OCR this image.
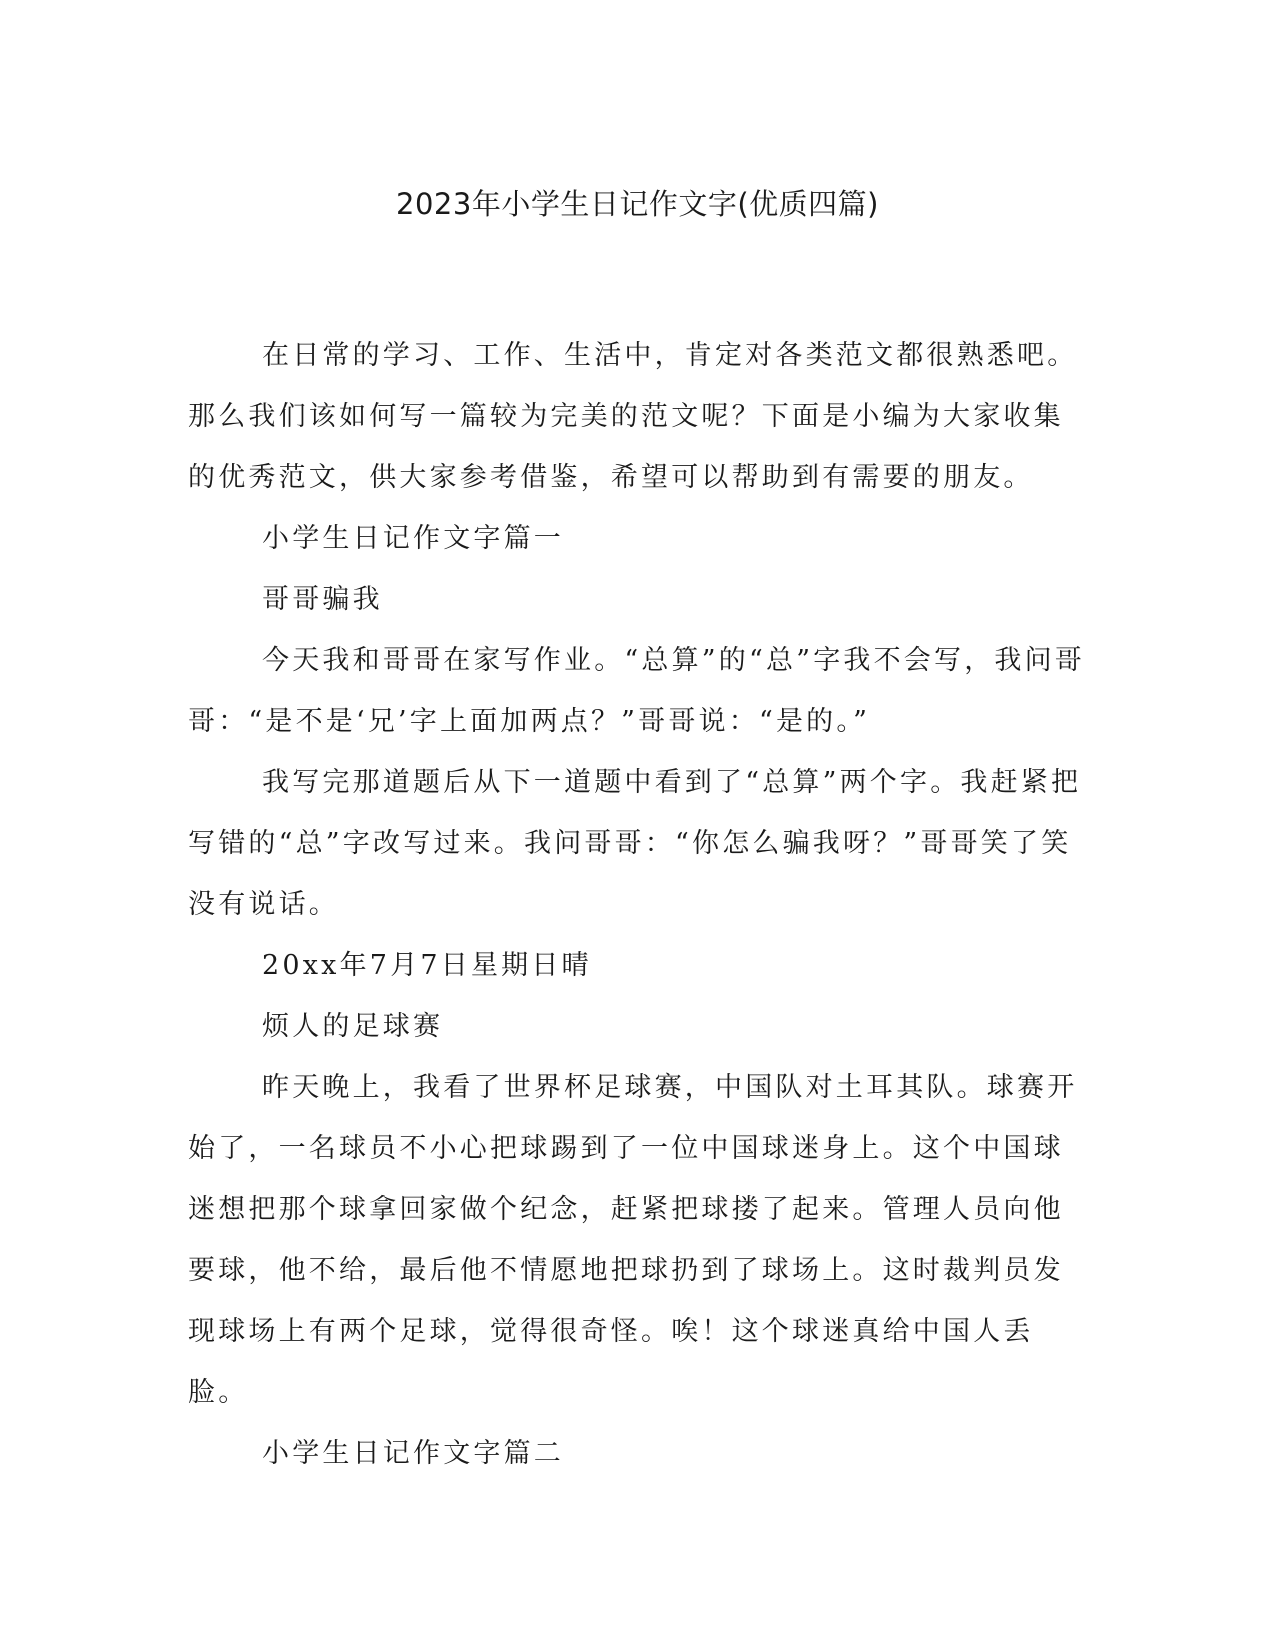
2023年小学生日记作文字(优质四篇)

在日常的学习、工作、生活中，肯定对各类范文都很熟悉吧。那么我们该如何写一篇较为完美的范文呢？下面是小编为大家收集的优秀范文，供大家参考借鉴，希望可以帮助到有需要的朋友。

小学生日记作文字篇一

哥哥骗我

今天我和哥哥在家写作业。“总算”的“总”字我不会写，我问哥哥：“是不是‘兄’字上面加两点？”哥哥说：“是的。”

我写完那道题后从下一道题中看到了“总算”两个字。我赶紧把写错的“总”字改写过来。我问哥哥：“你怎么骗我呀？”哥哥笑了笑没有说话。

20xx年7月7日星期日晴

烦人的足球赛

昨天晚上，我看了世界杯足球赛，中国队对土耳其队。球赛开始了，一名球员不小心把球踢到了一位中国球迷身上。这个中国球迷想把那个球拿回家做个纪念，赶紧把球搂了起来。管理人员向他要球，他不给，最后他不情愿地把球扔到了球场上。这时裁判员发现球场上有两个足球，觉得很奇怪。唉！这个球迷真给中国人丢脸。

小学生日记作文字篇二
